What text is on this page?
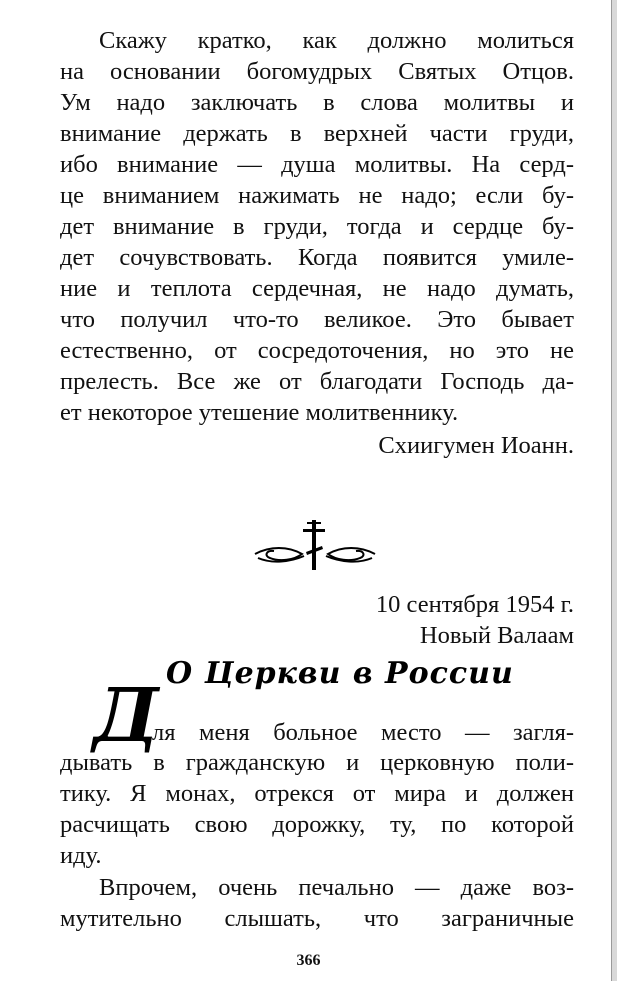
Скажу кратко, как должно молиться
на основании богомудрых Святых Отцов.
Ум надо заключать в слова молитвы и
внимание держать в верхней части груди,
ибо внимание — душа молитвы. На серд-
це вниманием нажимать не надо; если бу-
дет внимание в груди, тогда и сердце бу-
дет сочувствовать. Когда появится умиле-
ние и теплота сердечная, не надо думать,
что получил что-то великое. Это бывает
естественно, от сосредоточения, но это не
прелесть. Все же от благодати Господь да-
ет некоторое утешение молитвеннику.
Схиигумен Иоанн.
10 сентября 1954 г.
Новый Валаам
О Церкви в России
Д
ля меня больное место — загля-
дывать в гражданскую и церковную поли-
тику. Я монах, отрекся от мира и должен
расчищать свою дорожку, ту, по которой
иду.
Впрочем, очень печально — даже воз-
мутительно слышать, что заграничные
366
